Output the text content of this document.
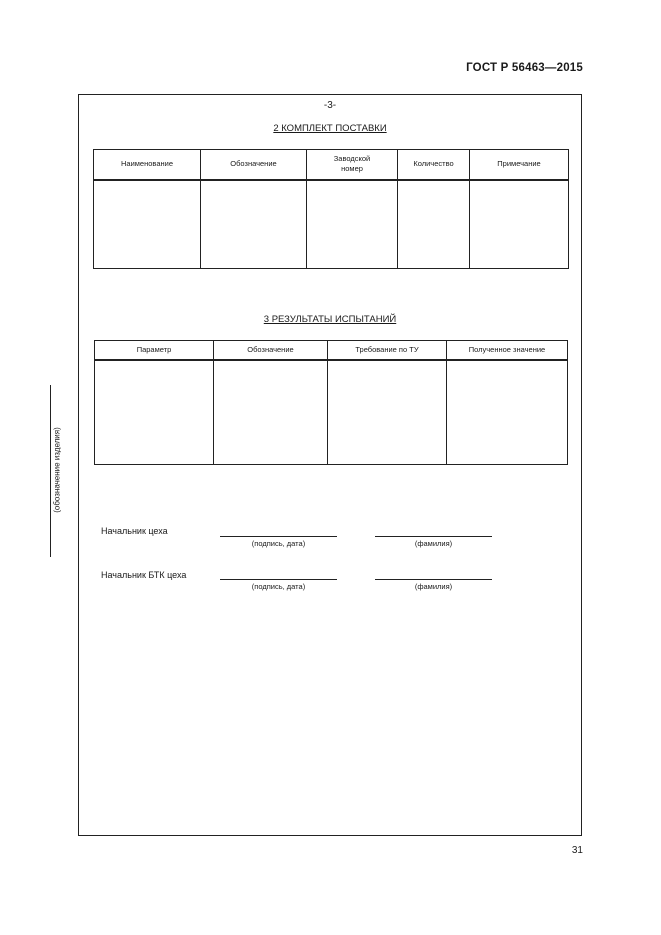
ГОСТ Р 56463—2015
(обозначение изделия)
-3-
2 КОМПЛЕКТ ПОСТАВКИ
Наименование	Обозначение	Заводской номер	Количество	Примечание

3 РЕЗУЛЬТАТЫ ИСПЫТАНИЙ
Параметр	Обозначение	Требование по ТУ	Полученное значение

Начальник цеха
(подпись, дата)	(фамилия)
Начальник БТК цеха
(подпись, дата)	(фамилия)
31
